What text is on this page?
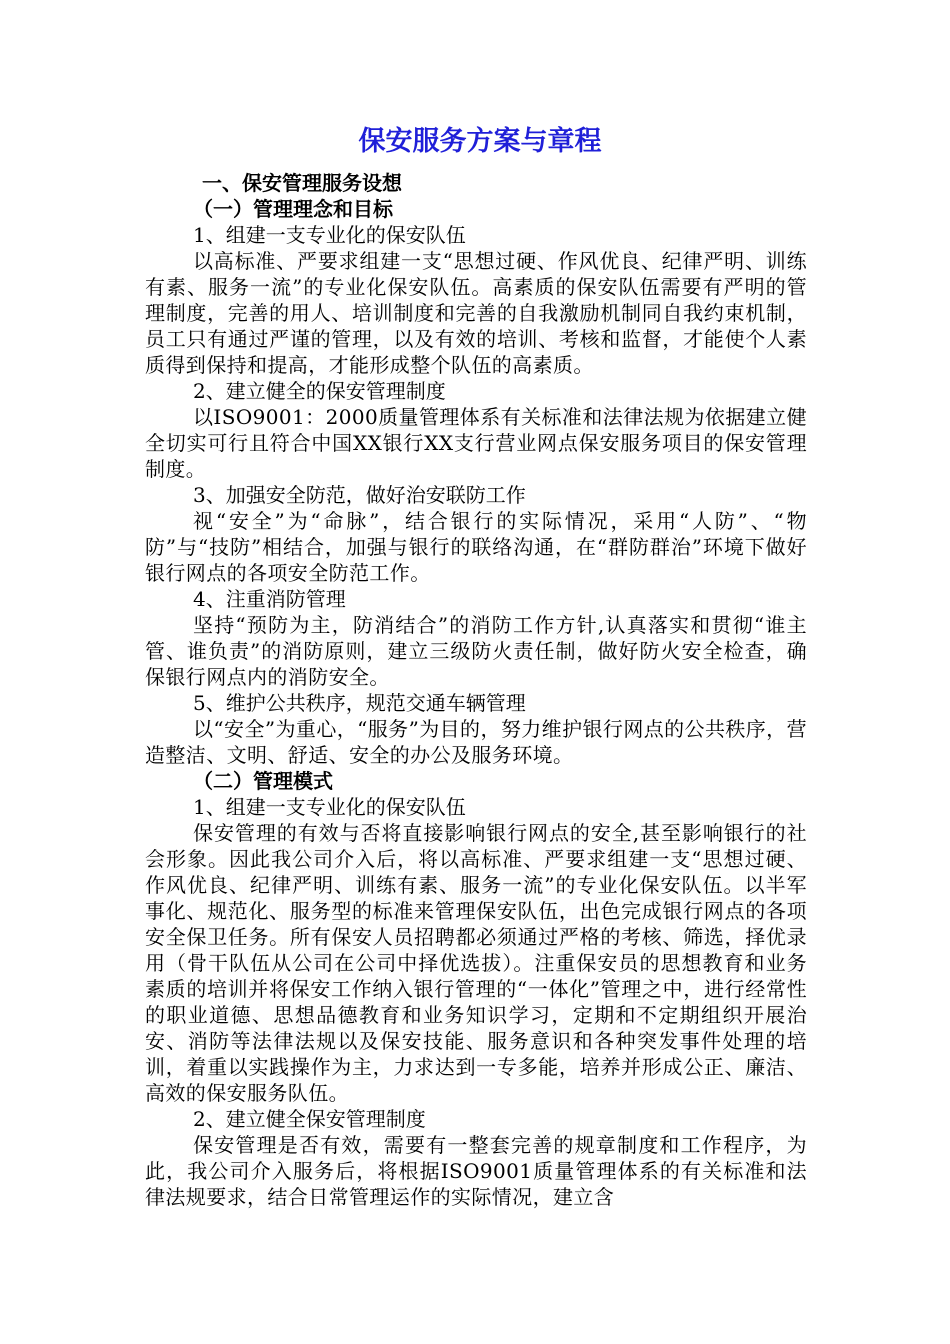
保安服务方案与章程
一、保安管理服务设想
（一）管理理念和目标
1、组建一支专业化的保安队伍
以高标准、严要求组建一支“思想过硬、作风优良、纪律严明、训练有素、服务一流”的专业化保安队伍。高素质的保安队伍需要有严明的管理制度，完善的用人、培训制度和完善的自我激励机制同自我约束机制，员工只有通过严谨的管理，以及有效的培训、考核和监督，才能使个人素质得到保持和提高，才能形成整个队伍的高素质。
2、建立健全的保安管理制度
以ISO9001：2000质量管理体系有关标准和法律法规为依据建立健全切实可行且符合中国XX银行XX支行营业网点保安服务项目的保安管理制度。
3、加强安全防范，做好治安联防工作
视“安全”为“命脉”，结合银行的实际情况，采用“人防”、“物防”与“技防”相结合，加强与银行的联络沟通，在“群防群治”环境下做好银行网点的各项安全防范工作。
4、注重消防管理
坚持“预防为主，防消结合”的消防工作方针,认真落实和贯彻“谁主管、谁负责”的消防原则，建立三级防火责任制，做好防火安全检查，确保银行网点内的消防安全。
5、维护公共秩序，规范交通车辆管理
以“安全”为重心，“服务”为目的，努力维护银行网点的公共秩序，营造整洁、文明、舒适、安全的办公及服务环境。
（二）管理模式
1、组建一支专业化的保安队伍
保安管理的有效与否将直接影响银行网点的安全,甚至影响银行的社会形象。因此我公司介入后，将以高标准、严要求组建一支“思想过硬、作风优良、纪律严明、训练有素、服务一流”的专业化保安队伍。以半军事化、规范化、服务型的标准来管理保安队伍，出色完成银行网点的各项安全保卫任务。所有保安人员招聘都必须通过严格的考核、筛选，择优录用（骨干队伍从公司在公司中择优选拔）。注重保安员的思想教育和业务素质的培训并将保安工作纳入银行管理的“一体化”管理之中，进行经常性的职业道德、思想品德教育和业务知识学习，定期和不定期组织开展治安、消防等法律法规以及保安技能、服务意识和各种突发事件处理的培训，着重以实践操作为主，力求达到一专多能，培养并形成公正、廉洁、高效的保安服务队伍。
2、建立健全保安管理制度
保安管理是否有效，需要有一整套完善的规章制度和工作程序，为此，我公司介入服务后，将根据ISO9001质量管理体系的有关标准和法律法规要求，结合日常管理运作的实际情况，建立含
